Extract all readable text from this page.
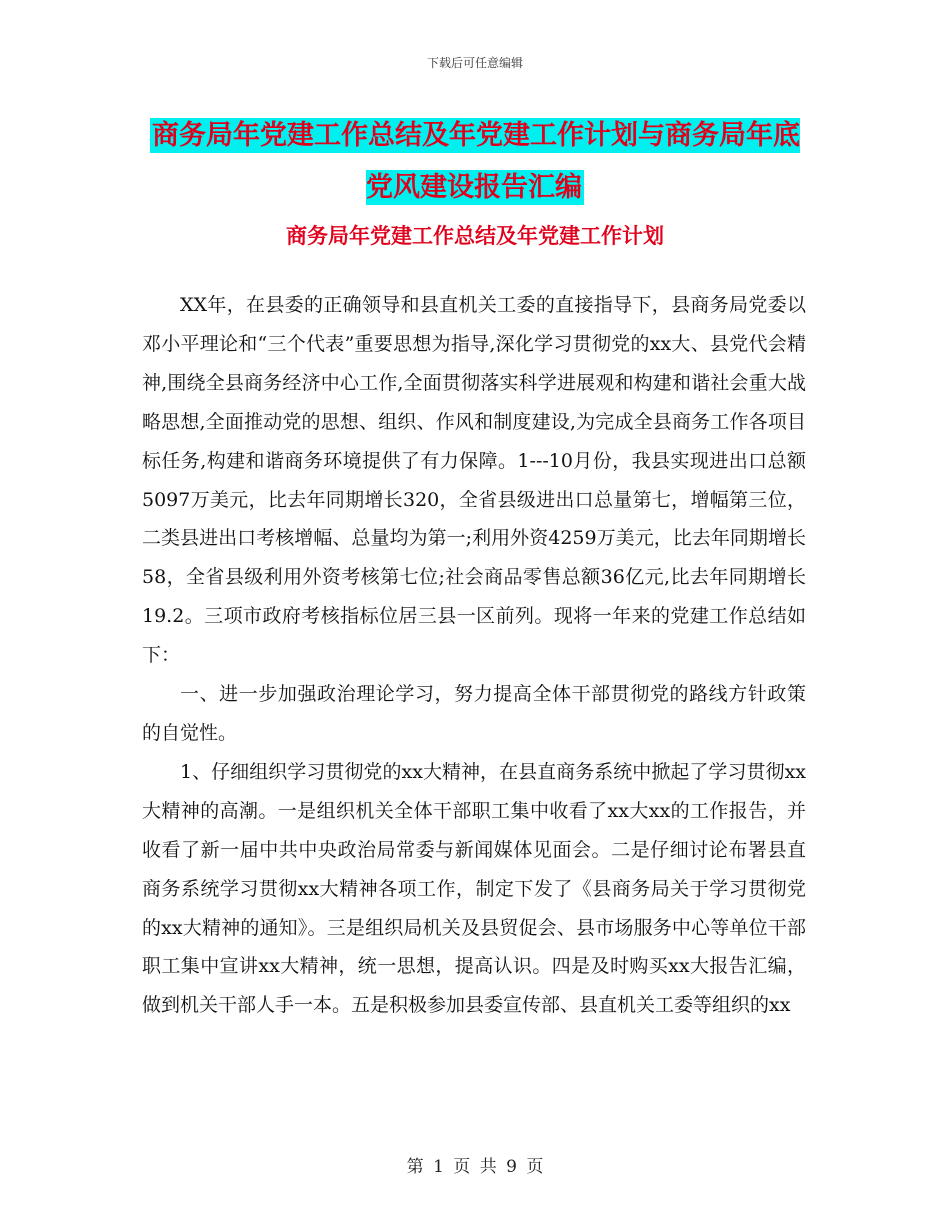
下载后可任意编辑
商务局年党建工作总结及年党建工作计划与商务局年底党风建设报告汇编
商务局年党建工作总结及年党建工作计划

XX年，在县委的正确领导和县直机关工委的直接指导下，县商务局党委以邓小平理论和“三个代表”重要思想为指导,深化学习贯彻党的xx大、县党代会精神,围绕全县商务经济中心工作,全面贯彻落实科学进展观和构建和谐社会重大战略思想,全面推动党的思想、组织、作风和制度建设,为完成全县商务工作各项目标任务,构建和谐商务环境提供了有力保障。1---10月份，我县实现进出口总额5097万美元，比去年同期增长320，全省县级进出口总量第七，增幅第三位，二类县进出口考核增幅、总量均为第一;利用外资4259万美元，比去年同期增长58，全省县级利用外资考核第七位;社会商品零售总额36亿元,比去年同期增长19.2。三项市政府考核指标位居三县一区前列。现将一年来的党建工作总结如下：

一、进一步加强政治理论学习，努力提高全体干部贯彻党的路线方针政策的自觉性。

1、仔细组织学习贯彻党的xx大精神，在县直商务系统中掀起了学习贯彻xx大精神的高潮。一是组织机关全体干部职工集中收看了xx大xx的工作报告，并收看了新一届中共中央政治局常委与新闻媒体见面会。二是仔细讨论布署县直商务系统学习贯彻xx大精神各项工作，制定下发了《县商务局关于学习贯彻党的xx大精神的通知》。三是组织局机关及县贸促会、县市场服务中心等单位干部职工集中宣讲xx大精神，统一思想，提高认识。四是及时购买xx大报告汇编，做到机关干部人手一本。五是积极参加县委宣传部、县直机关工委等组织的xx

第 1 页 共 9 页
